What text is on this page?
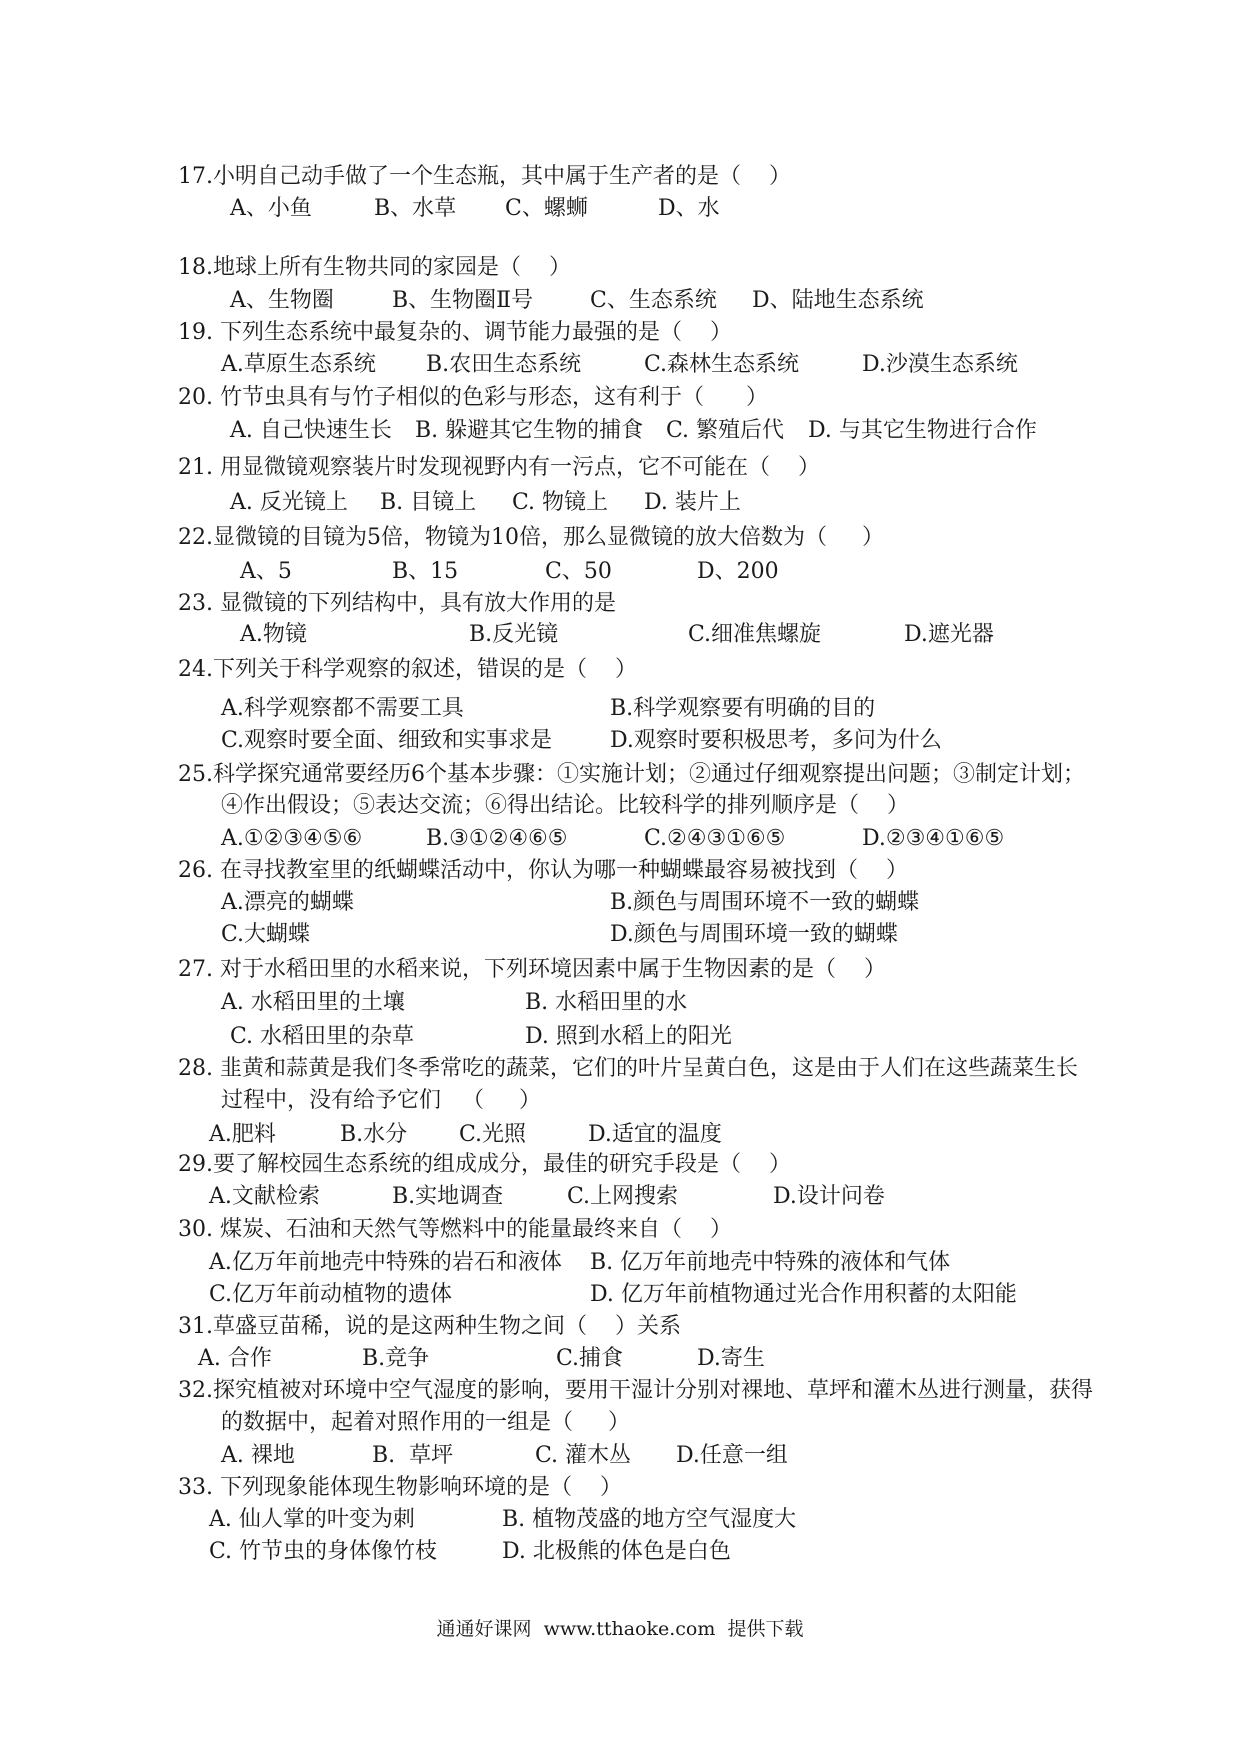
17.小明自己动手做了一个生态瓶，其中属于生产者的是（    ）
A、小鱼	B、水草 C、螺蛳	D、水
18.地球上所有生物共同的家园是（    ）
A、生物圈	B、生物圈Ⅱ号	C、生态系统 D、陆地生态系统
19. 下列生态系统中最复杂的、调节能力最强的是（    ）
A.草原生态系统 B.农田生态系统	C.森林生态系统	D.沙漠生态系统
20. 竹节虫具有与竹子相似的色彩与形态，这有利于（      ）
A. 自己快速生长 B. 躲避其它生物的捕食 C. 繁殖后代 D. 与其它生物进行合作
21. 用显微镜观察装片时发现视野内有一污点，它不可能在（    ）
A. 反光镜上 B. 目镜上 C. 物镜上 D. 装片上
22.显微镜的目镜为5倍，物镜为10倍，那么显微镜的放大倍数为（     ）
A、5	B、15	C、50	D、200
23. 显微镜的下列结构中，具有放大作用的是
A.物镜	B.反光镜	C.细准焦螺旋	D.遮光器
24.下列关于科学观察的叙述，错误的是（    ）
A.科学观察都不需要工具	B.科学观察要有明确的目的
C.观察时要全面、细致和实事求是	D.观察时要积极思考，多问为什么
25.科学探究通常要经历6个基本步骤：①实施计划；②通过仔细观察提出问题；③制定计划；
④作出假设；⑤表达交流；⑥得出结论。比较科学的排列顺序是（    ）
A.①②③④⑤⑥	B.③①②④⑥⑤	C.②④③①⑥⑤	D.②③④①⑥⑤
26. 在寻找教室里的纸蝴蝶活动中，你认为哪一种蝴蝶最容易被找到（    ）
A.漂亮的蝴蝶	B.颜色与周围环境不一致的蝴蝶
C.大蝴蝶	D.颜色与周围环境一致的蝴蝶
27. 对于水稻田里的水稻来说，下列环境因素中属于生物因素的是（    ）
A. 水稻田里的土壤	B. 水稻田里的水
C. 水稻田里的杂草	D. 照到水稻上的阳光
28. 韭黄和蒜黄是我们冬季常吃的蔬菜，它们的叶片呈黄白色，这是由于人们在这些蔬菜生长
过程中，没有给予它们   （     ）
A.肥料	B.水分 C.光照	D.适宜的温度
29.要了解校园生态系统的组成成分，最佳的研究手段是（    ）
A.文献检索	B.实地调查	C.上网搜索	D.设计问卷
30. 煤炭、石油和天然气等燃料中的能量最终来自（    ）
A.亿万年前地壳中特殊的岩石和液体 B. 亿万年前地壳中特殊的液体和气体
C.亿万年前动植物的遗体	D. 亿万年前植物通过光合作用积蓄的太阳能
31.草盛豆苗稀，说的是这两种生物之间（    ）关系
A. 合作	B.竞争	C.捕食	D.寄生
32.探究植被对环境中空气湿度的影响，要用干湿计分别对裸地、草坪和灌木丛进行测量，获得
的数据中，起着对照作用的一组是（     ）
A. 裸地	B.  草坪	C. 灌木丛 D.任意一组
33. 下列现象能体现生物影响环境的是（    ）
A. 仙人掌的叶变为刺	B. 植物茂盛的地方空气湿度大
C. 竹节虫的身体像竹枝	D. 北极熊的体色是白色
通通好课网  www.tthaoke.com  提供下载
